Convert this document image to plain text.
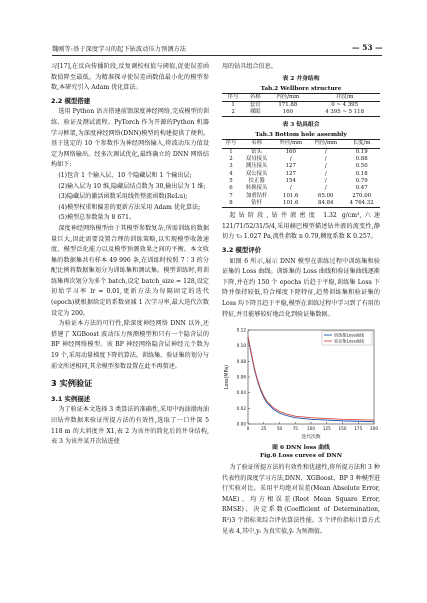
魏刚等:基于深度学习的起下钻波动压力预测方法	— 53 —

习[17],在反向传播阶段,反复调校权值与阈值,促使误差函数值降至最低。为精准探寻使误差函数值最小化的模型参数,本研究引入 Adam 优化算法。

2.2 模型搭建

选用 Python 语言搭建前馈深度神经网络,完成模型的训练、验证及测试流程。PyTorch 作为开源的Python 机器学习框架,为深度神经网络(DNN)模型的构建提供了便利。基于选定的 10 个参数作为神经网络输入,将波动压力值设定为网络输出。经多次调试优化,最终确立的 DNN 网络结构如下:

(1)包含 1 个输入层、10 个隐藏层和 1 个输出层;

(2)输入层为 10 维,隐藏层结点数为 30,输出层为 1 维;

(3)隐藏层的激活函数采用线性整流函数(ReLu);

(4)模型权重和偏差的更新方法采用 Adam 优化算法;

(5)模型总参数量为 8 671。

深度神经网络模型由于其模型参数复杂,所需训练的数据量巨大,因此需要设置合理的训练策略,以实现模型收敛速度、模型泛化能力以及模型预测效果之间的平衡。本文收集的数据集共有样本 49 996 条,在训练时按照 7∶3 的分配比例将数据集划分为训练集和测试集。模型训练时,将训练集再次划分为多个 batch,设定 batch_size = 128,设定初始学习率 lr = 0.01,更新方法为每隔固定的迭代(epoch)就根据给定的系数衰减 1 次学习率,最大迭代次数设定为 200。

为验证本方法的可行性,除深度神经网络 DNN 以外,还搭建了 XGBoost 波动压力预测模型和只有一个隐含层的 BP 神经网络模型。该 BP 神经网络隐含层神经元个数为 19 个,采用动量梯度下降的算法。训练集、验证集的划分与前文所述相同,其余模型参数设置在此不再赘述。

3 实例验证
3.1 实例描述

为了验证本文选择 3 类算法的准确性,采用中海油渤海油田钻井数据来验证所提方法的有效性,选取了一口井深 5 118 m 的大斜度井 X1,表 2 为该井的简化后的井身结构,表 3 为该井某开次钻进使

用的钻具组合信息。

表 2 井身结构
Tab.2 Wellbore structure
序号	名称	内径/mm	井段/m
1	套管	171.88	0 ~ 4 395
2	裸眼	160	4 395 ~ 5 118
表 3 钻具组合
Tab.3 Bottom hole assembly
序号	名称	外径/mm	内径/mm	长度/m
1	钻头	160	/	0.19
2	双母接头	/	/	0.88
3	测压接头	127	/	0.50
4	双公接头	127	/	0.18
5	扶正器	154	/	0.79
6	转换接头	/	/	0.47
7	加重钻杆	101.6	65.00	270.00
8	钻杆	101.6	84.84	4 764.32

起钻阶段,钻井液密度 1.32 g/cm³,六速 121/71/52/31/5/4,采用赫巴模型描述钻井液的流变性,静切力 τ₀ 1.027 Pa,流性指数 n 0.79,稠度系数 K 0.257。

3.2 模型评价

如图 6 所示,展示 DNN 模型在训练过程中训练集和验证集的 Loss 曲线。训练集的 Loss 曲线和验证集曲线逐渐下降,并在约 150 个 epochs 后趋于平稳,训练集 Loss 下降并保持较低,符合梯度下降特征,趋势训练集和验证集的 Loss 均下降且趋于平稳,模型在训练过程中学习到了有用的特征,并且能够较好地泛化到验证集数据。

0	25 50 75 100 125 150 175 200
0.00
0.02
0.04
0.06
0.08
0.10
0.12
迭代次数
Loss(MPa)
训练集Loss曲线
验证集Loss曲线
图 6 DNN loss 曲线
Fig.6 Loss curves of DNN

为了验证所提方法的有效性和优越性,将所提方法和 3 种代表性的深度学习方法,DNN、XGBoost、BP 3 种模型进行实验对比。采用平均绝对误差(Mean Absolute Error, MAE)、均方根误差(Root Mean Square Error, RMSE)、决定系数(Coefficient of Determination, R²)3 个指标来综合评估算法性能。3 个评价指标计算方式见表 4,其中,yᵢ 为真实值,ŷᵢ 为预测值。
